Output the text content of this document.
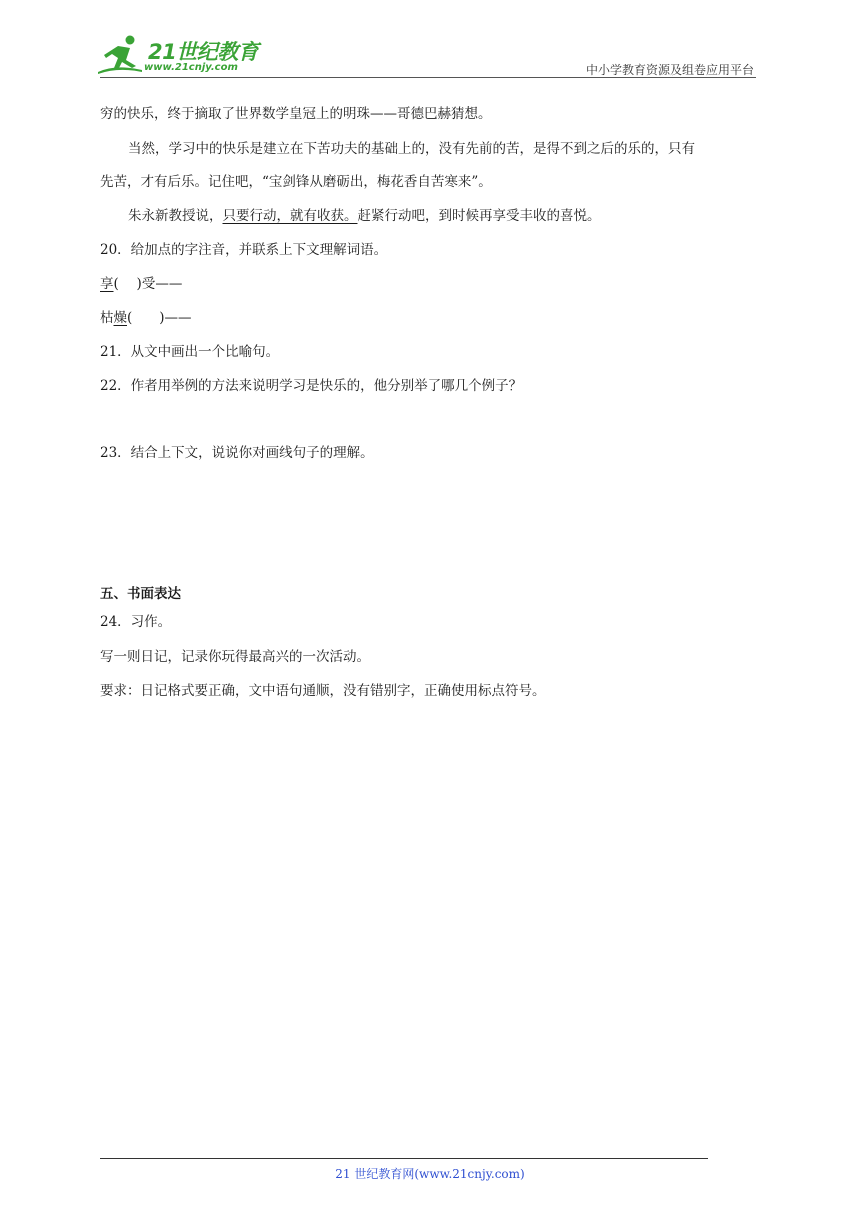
21世纪教育
www.21cnjy.com	中小学教育资源及组卷应用平台
穷的快乐，终于摘取了世界数学皇冠上的明珠——哥德巴赫猜想。
当然，学习中的快乐是建立在下苦功夫的基础上的，没有先前的苦，是得不到之后的乐的，只有
先苦，才有后乐。记住吧，“宝剑锋从磨砺出，梅花香自苦寒来”。
朱永新教授说，只要行动，就有收获。赶紧行动吧，到时候再享受丰收的喜悦。
20．给加点的字注音，并联系上下文理解词语。
享(　 )受——
枯燥(　　)——
21．从文中画出一个比喻句。
22．作者用举例的方法来说明学习是快乐的，他分别举了哪几个例子？
23．结合上下文，说说你对画线句子的理解。
五、书面表达
24．习作。
写一则日记，记录你玩得最高兴的一次活动。
要求：日记格式要正确，文中语句通顺，没有错别字，正确使用标点符号。
21 世纪教育网(www.21cnjy.com)
